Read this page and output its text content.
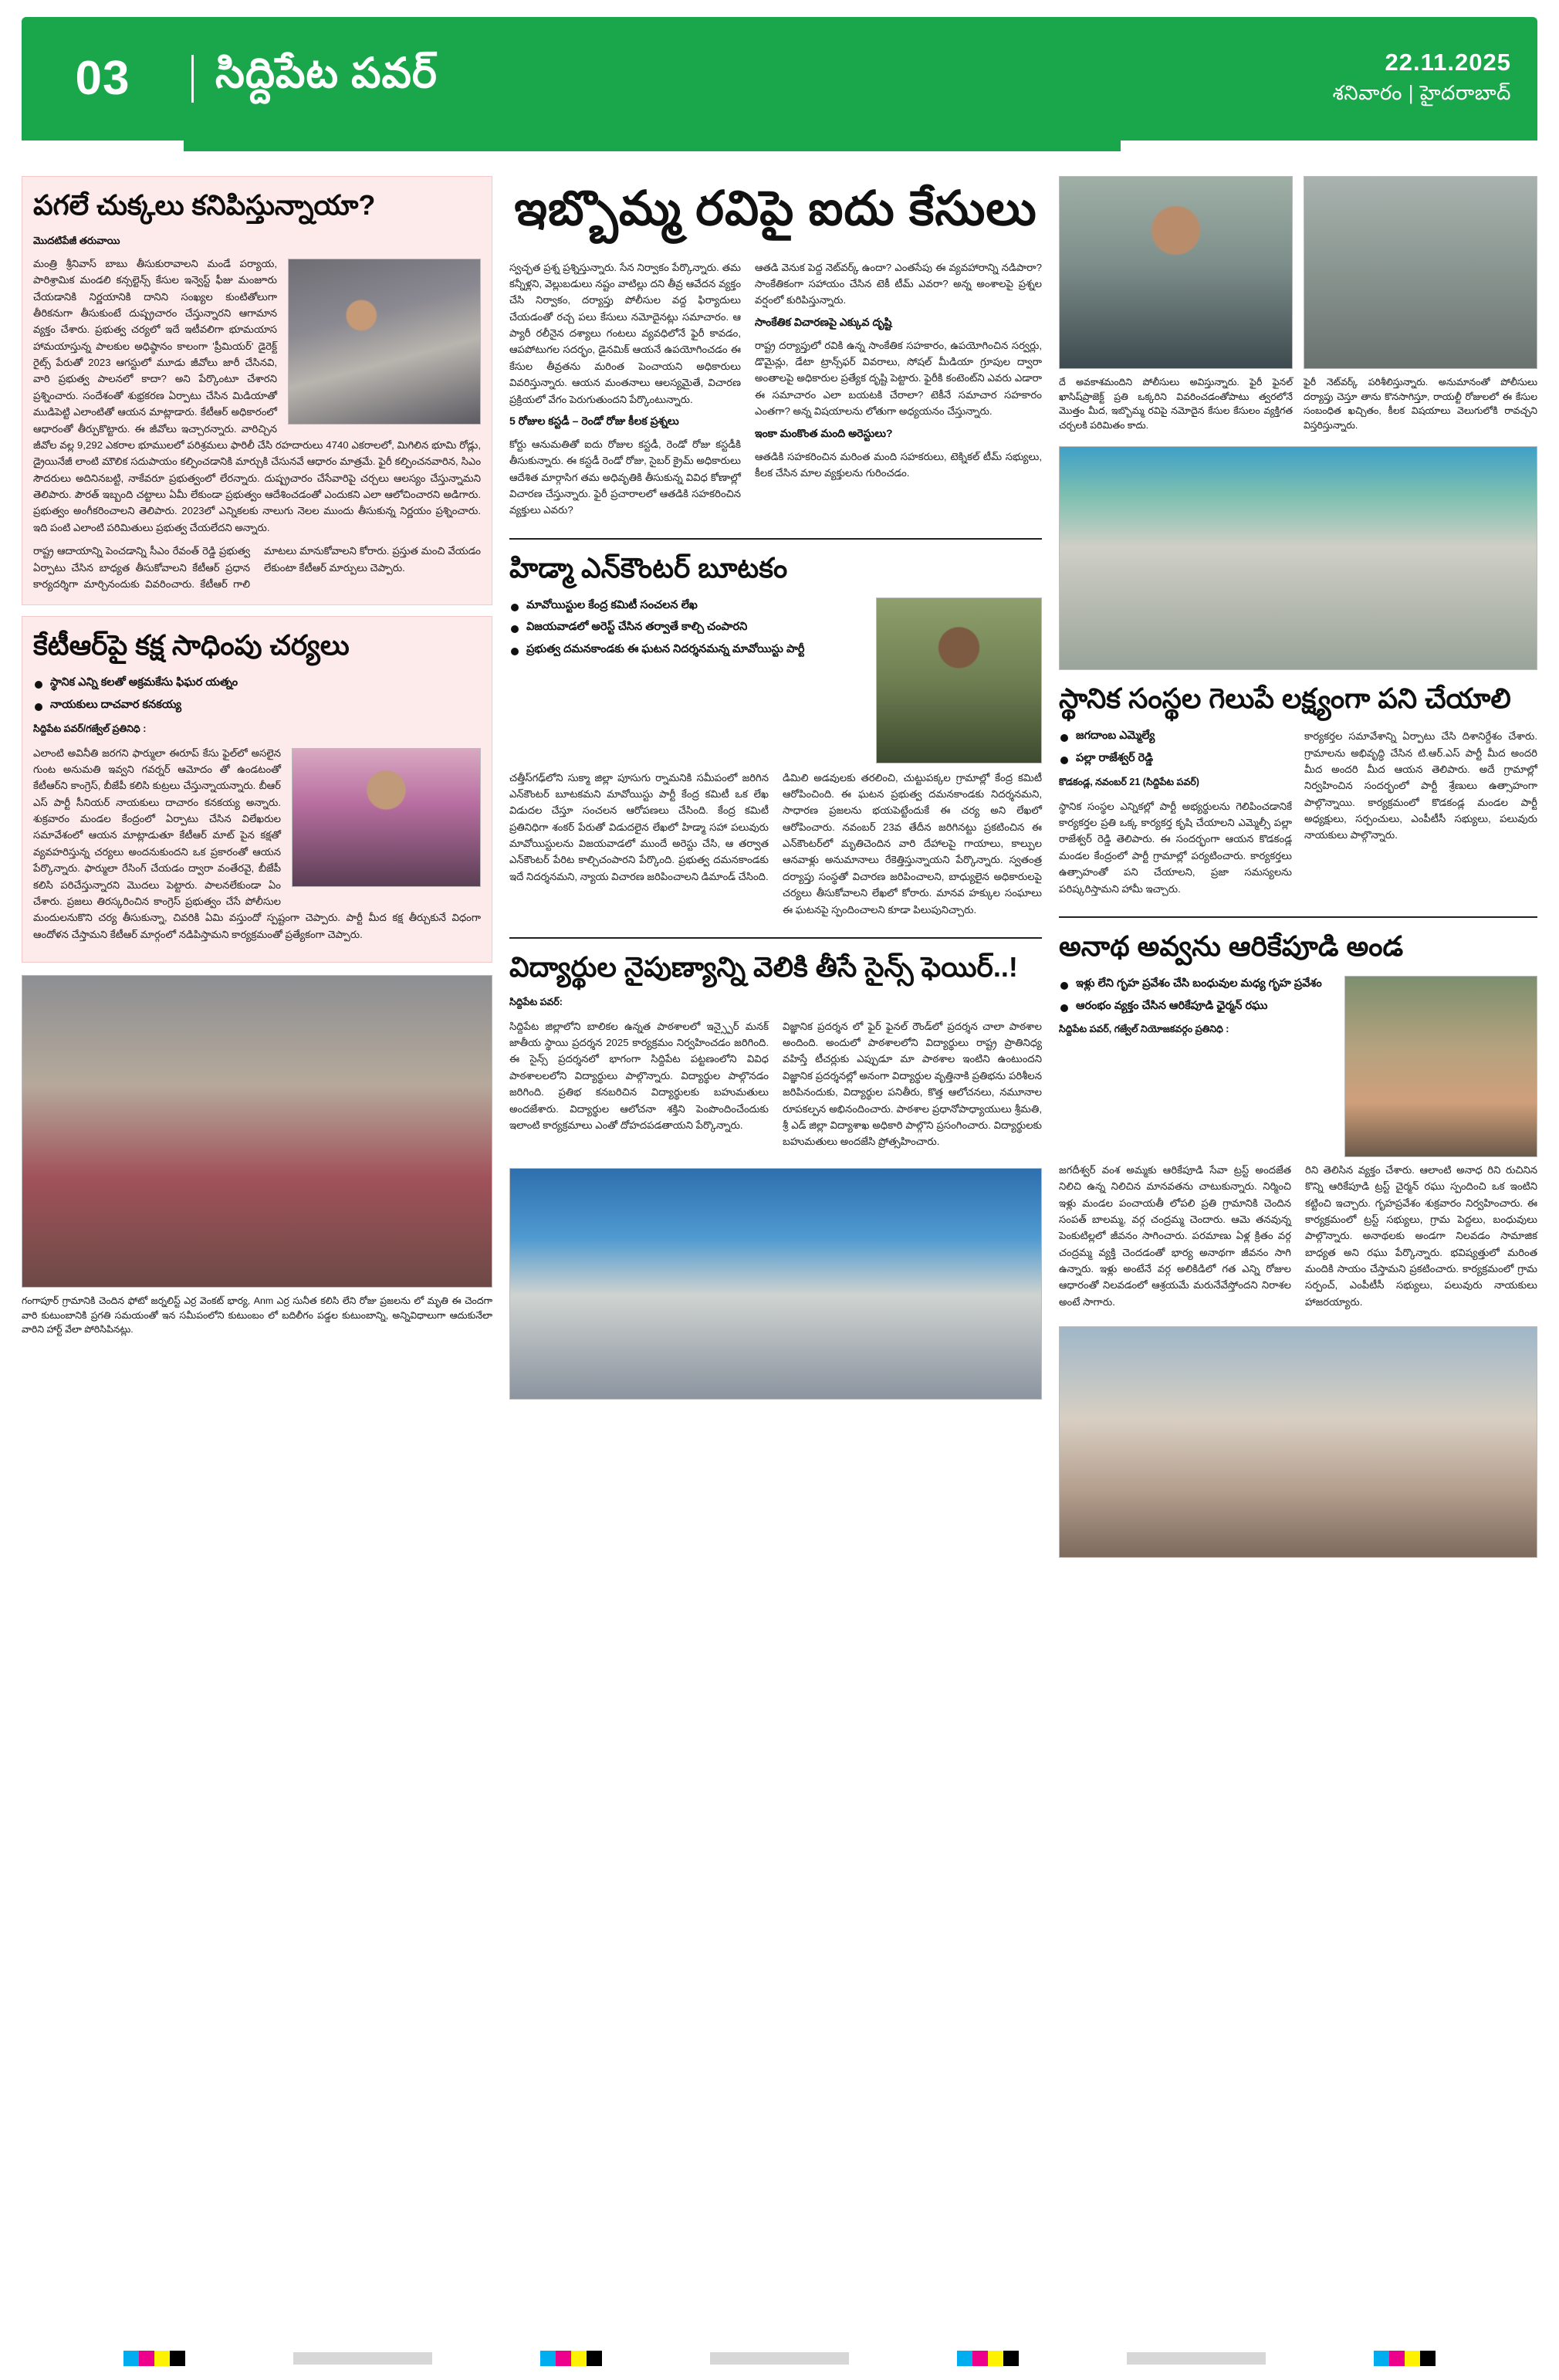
03 సిద్దిపేట పవర్	22.11.2025
శనివారం | హైదరాబాద్
పగలే చుక్కలు కనిపిస్తున్నాయా?
మొదటిపేజీ తరువాయి

మంత్రి శ్రీనివాస్ బాబు తీసుకురావాలని మండే పర్యాయ, పారిశ్రామిక మండలి కన్సల్టెన్స్ కేసుల ఇన్వెస్ట్ ఫీజు మంజూరు చేయడానికి నిర్ణయానికి దానిని సంఖ్యల కుంటితోలుగా తీరికనుగా తీసుకుంటే దుష్ప్రచారం చేస్తున్నారని ఆగామాన వ్యక్తం చేశారు. ప్రభుత్వ చర్యలో ఇదే ఇటీవలిగా భూమయాస హామయాస్తున్న పాలకుల అధిష్ఠానం కాలంగా 'ప్రీమియర్' డైరెక్ట్ రైట్స్ పేరుతో 2023 ఆగస్టులో మూడు జీవోలు జారీ చేసినవి, వారి ప్రభుత్వ పాలనలో కాదా? అని పేర్కొంటూ చేశారని ప్రశ్నించారు. సందేశంతో శుభ్రకరణ ఏర్పాటు చేసిన మిడియాతో ముడిపెట్టి ఎలాంటితో ఆయన మాట్లాడారు. కేటీఆర్ అధికారంలో ఆధారంతో తీర్పుకొట్టారు. ఈ జీవోలు ఇచ్చారన్నారు. వారిచ్చిన జీవోల వల్ల 9,292 ఎకరాల భూములలో పరిశ్రమలు ఫారిలీ చేసి రహదారులు 4740 ఎకరాలలో, మిగిలిన భూమి రోడ్లు, డ్రైయినేజీ లాంటి మౌలిక సదుపాయం కల్పించడానికి మార్చుకి చేసునవే ఆధారం మాత్రమే. ఫైరీ కల్పించనవారిన, సిఎం సౌదరులు అదినినబట్టి, నాకేవరూ ప్రభుత్వంలో లేరన్నారు. దుష్ప్రచారం చేసేవారిపై చర్చలు ఆలస్యం చేస్తున్నామని తెలిపారు. పౌరత్ ఇబ్బంది చట్టాలు ఏమీ లేకుండా ప్రభుత్వం ఆదేశించడంతో ఎందుకని ఎలా ఆలోచించారని అడిగారు. ప్రభుత్వం అంగీకరించాలని తెలిపారు. 2023లో ఎన్నికలకు నాలుగు నెలల ముందు తీసుకున్న నిర్ణయం ప్రశ్నించారు. ఇది పంటి ఎలాంటి పరిమితులు ప్రభుత్వ చేయలేదని అన్నారు.

రాష్ట్ర ఆదాయాన్ని పెంచడాన్ని సీఎం రేవంత్ రెడ్డి ప్రభుత్వ ఏర్పాటు చేసిన బాధ్యత తీసుకోవాలని కేటీఆర్ ప్రధాన కార్యదర్శిగా మార్చినందుకు వివరించారు. కేటీఆర్ గాలి మాటలు మానుకోవాలని కోరారు. ప్రస్తుత మంచి వేయడం లేకుంటా కేటీఆర్ మార్పులు చెప్పారు.

కేటీఆర్‌పై కక్ష సాధింపు చర్యలు
స్థానిక ఎన్ని కలతో అక్రమకేసు ఫిఘర యత్నం
నాయకులు దాచవార కనకయ్య
సిద్దిపేట పవర్/గజ్వేల్ ప్రతినిధి :

ఎలాంటి అవినీతి జరగని ఫార్ములా ఈరూప్ కేసు ఫైల్‌లో అసలైన గుంట అనుమతి ఇవ్వని గవర్నర్ ఆమోదం తో ఉండటంతో కేటీఆర్‌ని కాంగ్రెస్, బీజేపీ కలిసి కుట్రలు చేస్తున్నాయన్నారు. బీఆర్ ఎస్ పార్టీ సీనియర్ నాయకులు దాచారం కనకయ్య అన్నారు. శుక్రవారం మండల కేంద్రంలో ఏర్పాటు చేసిన విలేఖరుల సమావేశంలో ఆయన మాట్లాడుతూ కేటీఆర్ మాట్ పైన కక్షతో వ్యవహరిస్తున్న చర్యలు అందనుకుందని ఒక ప్రకారంతో ఆయన పేర్కొన్నారు. ఫార్ములా రేసింగ్ చేయడం ద్వారా వంతేరవై, బీజేపీ కలిసి పరిచేస్తున్నారని మొదలు పెట్టారు. పాలనలేకుండా ఏం చేశారు. ప్రజలు తిరస్కరించిన కాంగ్రెస్ ప్రభుత్వం చేసే పోలీసుల మందులనుకొని చర్య తీసుకున్నా, చివరికి ఏమి వస్తుందో స్పష్టంగా చెప్పారు. పార్టీ మీద కక్ష తీర్చుకునే విధంగా ఆందోళన చేస్తామని కేటీఆర్ మార్గంలో నడిపిస్తామని కార్యక్రమంతో ప్రత్యేకంగా చెప్పారు.

గంగాపూర్ గ్రామానికి చెందిన ఫోటో జర్నలిస్ట్ ఎర్ర వెంకట్ భార్య, Anm ఎర్ర సునీత కలిసి లేని రోజు ప్రజలను లో మృతి ఈ చెందగా వారి కుటుంబానికి ప్రగతి సమయంతో ఇన సమీపంలోని కుటుంబం లో బదిలీగం పడ్డల కుటుంబాన్ని, అన్నివిధాలుగా ఆదుకునేలా వారిని హార్ట్‌ వేలా పోరిసిపినట్లు.
ఇబ్బొమ్మ రవిపై ఐదు కేసులు

స్వచ్ఛత ప్రశ్న ప్రశ్నిస్తున్నారు. సేన నిర్వాకం పేర్కొన్నారు. తమ కన్నీళ్లని, వెల్లుబడులు నష్టం వాటిల్లు దని తీవ్ర ఆవేదన వ్యక్తం చేసి నిర్వాకం, దర్యాప్తు పోలీసుల వద్ద ఫిర్యాదులు చేయడంతో రచ్చ పలు కేసులు నమోదైనట్లు సమాచారం. ఆ ప్యారీ రలీనైన దశ్యాలు గంటలు వ్యవధిలోనే ఫైరీ కావడం, ఆపపోటుగల సదర్భం, డైనమిక్ ఆయనే ఉపయోగించడం ఈ కేసుల తీవ్రతను మరింత పెంచాయని అధికారులు వివరిస్తున్నారు. ఆయన మంతనాలు ఆలస్యమైతే, విచారణ ప్రక్రియలో వేగం పెరుగుతుందని పేర్కొంటున్నారు.

5 రోజుల కస్టడీ – రెండో రోజు కీలక ప్రశ్నలు

కోర్టు ఆనుమతితో ఐదు రోజుల కస్టడీ, రెండో రోజు కస్టడీకి తీసుకున్నారు. ఈ కస్టడీ రెండో రోజు, సైబర్ క్రైమ్ అధికారులు ఆదేశిత మార్గాసిగ తమ అధివృతికి తీసుకున్న వివిధ కోణాల్లో విచారణ చేస్తున్నారు. ఫైరీ ప్రచారాలలో ఆతడికి సహకరించిన వ్యక్తులు ఎవరు?

ఆతడి వెనుక పెద్ద నెట్‌వర్క్ ఉందా? ఎంతసేపు ఈ వ్యవహారాన్ని నడిపారా? సాంకేతికంగా సహాయం చేసిన టెకీ టీమ్ ఎవరా? అన్న అంశాలపై ప్రశ్నల వర్షంలో కురిపిస్తున్నారు.

సాంకేతిక విచారణపై ఎక్కువ దృష్టి

రాష్ట్ర దర్యాప్తులో రవికి ఉన్న సాంకేతిక సహకారం, ఉపయోగించిన సర్వర్లు, డొమైన్లు, డేటా ట్రాన్స్‌ఫర్ వివరాలు, సోషల్ మీడియా గ్రూపుల ద్వారా అంతాలపై అధికారుల ప్రత్యేక దృష్టి పెట్టారు. ఫైరీకి కంటెంట్‌ని ఎవరు ఎడారా ఈ సమాచారం ఎలా బయటకి చేరాలా? టెకీనే సమాచార సహకారం ఎంతగా? అన్న విషయాలను లోతుగా అధ్యయనం చేస్తున్నారు.

ఇంకా మంకొంత మంది అరెస్టులు?

ఆతడికి సహకరించిన మరింత మంది సహకరులు, టెక్నికల్ టీమ్ సభ్యులు, కీలక చేసిన మాల వ్యక్తులను గురించడం.

హిడ్మా ఎన్‌కౌంటర్ బూటకం
మావోయిస్టుల కేంద్ర కమిటీ సంచలన లేఖ
విజయవాడలో అరెస్ట్ చేసిన తర్వాతే కాల్చి చంపారని
ప్రభుత్వ దమనకాండకు ఈ ఘటన నిదర్శనమన్న మావోయిస్టు పార్టీ

చత్తీస్‌గఢ్‌లోని సుక్మా జిల్లా పూసుగు ర్నామనికి సమీపంలో జరిగిన ఎన్‌కౌంటర్ బూటకమని మావోయిస్టు పార్టీ కేంద్ర కమిటీ ఒక లేఖ విడుదల చేస్తూ సంచలన ఆరోపణలు చేసింది. కేంద్ర కమిటీ ప్రతినిధిగా శంకర్ పేరుతో విడుదలైన లేఖలో హిడ్మా సహా పలువురు మావోయిస్టులను విజయవాడలో ముందే అరెస్టు చేసి, ఆ తర్వాత ఎన్‌కౌంటర్ పేరిట కాల్చిచంపారని పేర్కొంది. ప్రభుత్వ దమనకాండకు ఇదే నిదర్శనమని, న్యాయ విచారణ జరిపించాలని డిమాండ్ చేసింది.

డిమిలి అడవులకు తరలించి, చుట్టుపక్కల గ్రామాల్లో కేంద్ర కమిటీ ఆరోపించింది. ఈ ఘటన ప్రభుత్వ దమనకాండకు నిదర్శనమని, సాధారణ ప్రజలను భయపెట్టేందుకే ఈ చర్య అని లేఖలో ఆరోపించారు. నవంబర్ 23వ తేదీన జరిగినట్టు ప్రకటించిన ఈ ఎన్‌కౌంటర్‌లో మృతిచెందిన వారి దేహాలపై గాయాలు, కాల్పుల ఆనవాళ్లు అనుమానాలు రేకెత్తిస్తున్నాయని పేర్కొన్నారు. స్వతంత్ర దర్యాప్తు సంస్థతో విచారణ జరిపించాలని, బాధ్యులైన అధికారులపై చర్యలు తీసుకోవాలని లేఖలో కోరారు. మానవ హక్కుల సంఘాలు ఈ ఘటనపై స్పందించాలని కూడా పిలుపునిచ్చారు.

విద్యార్థుల నైపుణ్యాన్ని వెలికి తీసే సైన్స్ ఫెయిర్..!
సిద్దిపేట పవర్:

సిద్దిపేట జిల్లాలోని బాలికల ఉన్నత పాఠశాలలో ఇన్స్పైర్ మనక్ జాతీయ స్థాయి ప్రదర్శన 2025 కార్యక్రమం నిర్వహించడం జరిగింది. ఈ సైన్స్ ప్రదర్శనలో భాగంగా సిద్దిపేట పట్టణంలోని వివిధ పాఠశాలలలోని విద్యార్థులు పాల్గొన్నారు. విద్యార్థుల పాల్గొనడం జరిగింది. ప్రతిభ కనబరిచిన విద్యార్థులకు బహుమతులు అందజేశారు. విద్యార్థుల ఆలోచనా శక్తిని పెంపొందించేందుకు ఇలాంటి కార్యక్రమాలు ఎంతో దోహదపడతాయని పేర్కొన్నారు.

విజ్ఞానిక ప్రదర్శన లో ఫైర్ ఫైనల్ రౌండ్‌లో ప్రదర్శన చాలా పాఠశాల అందింది. అందులో పాఠశాలలోని విద్యార్థులు రాష్ట్ర ప్రాతినిధ్య వహిస్తే టీచర్లుకు ఎప్పుడూ మా పాఠశాల ఇంటిని ఉంటుందని విజ్ఞానిక ప్రదర్శనల్లో అనంగా విద్యార్థుల వృత్తినాకి ప్రతిభను పరిశీలన జరిపినందుకు, విద్యార్థుల పనితీరు, కొత్త ఆలోచనలు, నమూనాల రూపకల్పన అభినందించారు. పాఠశాల ప్రధానోపాధ్యాయులు శ్రీమతి, శ్రీ ఎడ్ జిల్లా విద్యాశాఖ అధికారి పాల్గొని ప్రసంగించారు. విద్యార్థులకు బహుమతులు అందజేసి ప్రోత్సహించారు.

దే అవకాశమందిని పోలీసులు అవిస్తున్నారు. ఫైరీ ఫైనల్ ఖాసిష్‌ప్రాజెక్ట్ ప్రతి ఒక్కరిని వివరించడంతోపాటు త్వరలోనే మొత్తం మీద, ఇబ్బొమ్మ రవిపై నమోదైన కేసుల కేసులం వ్యక్తిగత చర్చలకి పరిమితం కాదు.
ఫైరీ నెట్‌వర్క్ పరిశీలిస్తున్నారు. అనుమానంతో పోలీసులు దర్యాప్తు చెస్తూ తాను కొనసాగిస్తూ, రాయల్టీ రోజులలో ఈ కేసుల సంబంధిత ఖచ్చితం, కీలక విషయాలు వెలుగులోకి రావచ్చని విస్తరిస్తున్నారు.
స్థానిక సంస్థల గెలుపే లక్ష్యంగా పని చేయాలి
జగదాంబ ఎమ్మెల్యే
పల్లా రాజేశ్వర్ రెడ్డి
కొడకండ్ల, నవంబర్ 21 (సిద్దిపేట పవర్)

స్థానిక సంస్థల ఎన్నికల్లో పార్టీ అభ్యర్థులను గెలిపించడానికే కార్యకర్తల ప్రతి ఒక్క కార్యకర్త కృషి చేయాలని ఎమ్మెల్సీ పల్లా రాజేశ్వర్ రెడ్డి తెలిపారు. ఈ సందర్భంగా ఆయన కొడకండ్ల మండల కేంద్రంలో పార్టీ గ్రామాల్లో పర్యటించారు. కార్యకర్తలు ఉత్సాహంతో పని చేయాలని, ప్రజా సమస్యలను పరిష్కరిస్తామని హామీ ఇచ్చారు.

కార్యకర్తల సమావేశాన్ని ఏర్పాటు చేసి దిశానిర్దేశం చేశారు. గ్రామాలను అభివృద్ధి చేసిన టి.ఆర్.ఎస్ పార్టీ మీద అందరి మీద అందరి మీద ఆయన తెలిపారు. అదే గ్రామాల్లో నిర్వహించిన సందర్భంలో పార్టీ శ్రేణులు ఉత్సాహంగా పాల్గొన్నాయి. కార్యక్రమంలో కొడకండ్ల మండల పార్టీ అధ్యక్షులు, సర్పంచులు, ఎంపీటీసీ సభ్యులు, పలువురు నాయకులు పాల్గొన్నారు.

అనాథ అవ్వను ఆరికేపూడి అండ
ఇళ్లు లేని గృహ ప్రవేశం చేసి బంధువుల మధ్య గృహ ప్రవేశం
ఆరంభం వ్యక్తం చేసిన ఆరికేపూడి ఛైర్మన్ రఘు
సిద్దిపేట పవర్, గజ్వేల్ నియోజకవర్గం ప్రతినిధి :

జగదీశ్వర్ వంశ అమ్మకు ఆరికేపూడి సేవా ట్రస్ట్ అందజేత నిలిచి ఉన్న నిలిచిన మానవతను చాటుకున్నారు. నిర్మించి ఇళ్లు మండల పంచాయతీ లోపలి ప్రతి గ్రామానికి చెందిన సంపత్ బాలమ్మ, వర్గ చంద్రమ్మ చెందారు. ఆమె తనవున్న పెంకుటిల్లలో జీవనం సాగించారు. పరమాణు ఏళ్ల క్రితం వర్గ చంద్రమ్మ వ్యక్తి చెందడంతో భార్య అనాథగా జీవనం సాగి ఉన్నారు. ఇళ్లు అంటేనే వర్గ అలికిడిలో గత ఎన్ని రోజుల ఆధారంతో నిలవడంలో ఆశ్రయమే మరునేవేస్తోందని నిరాశల అంటే సాగారు.

రిని తెలిసిన వ్యక్తం చేశారు. ఆలాంటి అనాధ రిని రుచినిన కొన్ని ఆరికేపూడి ట్రస్ట్ చైర్మన్ రఘు స్పందించి ఒక ఇంటిని కట్టించి ఇచ్చారు. గృహప్రవేశం శుక్రవారం నిర్వహించారు. ఈ కార్యక్రమంలో ట్రస్ట్ సభ్యులు, గ్రామ పెద్దలు, బంధువులు పాల్గొన్నారు. అనాథలకు అండగా నిలవడం సామాజిక బాధ్యత అని రఘు పేర్కొన్నారు. భవిష్యత్తులో మరింత మందికి సాయం చేస్తామని ప్రకటించారు. కార్యక్రమంలో గ్రామ సర్పంచ్, ఎంపీటీసీ సభ్యులు, పలువురు నాయకులు హాజరయ్యారు.
